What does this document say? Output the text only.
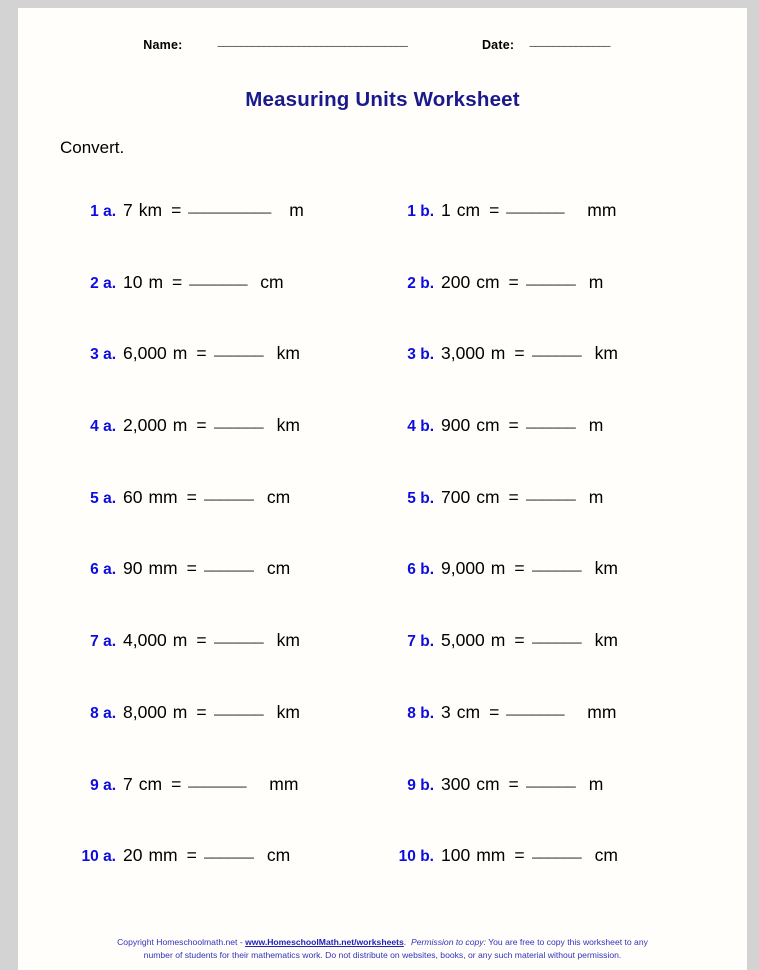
Name:	_________________________________	Date: ______________
Measuring Units Worksheet
Convert.
1 a. 7 km = __________ m	1 b. 1 cm = _______ mm
2 a. 10 m = _______ cm	2 b. 200 cm = ______ m
3 a. 6,000 m = ______ km	3 b. 3,000 m = ______ km
4 a. 2,000 m = ______ km	4 b. 900 cm = ______ m
5 a. 60 mm = ______ cm	5 b. 700 cm = ______ m
6 a. 90 mm = ______ cm	6 b. 9,000 m = ______ km
7 a. 4,000 m = ______ km	7 b. 5,000 m = ______ km
8 a. 8,000 m = ______ km	8 b. 3 cm = _______ mm
9 a. 7 cm = _______ mm	9 b. 300 cm = ______ m
10 a. 20 mm = ______ cm	10 b. 100 mm = ______ cm
Copyright Homeschoolmath.net - www.HomeschoolMath.net/worksheets. Permission to copy: You are free to copy this worksheet to any
number of students for their mathematics work. Do not distribute on websites, books, or any such material without permission.
